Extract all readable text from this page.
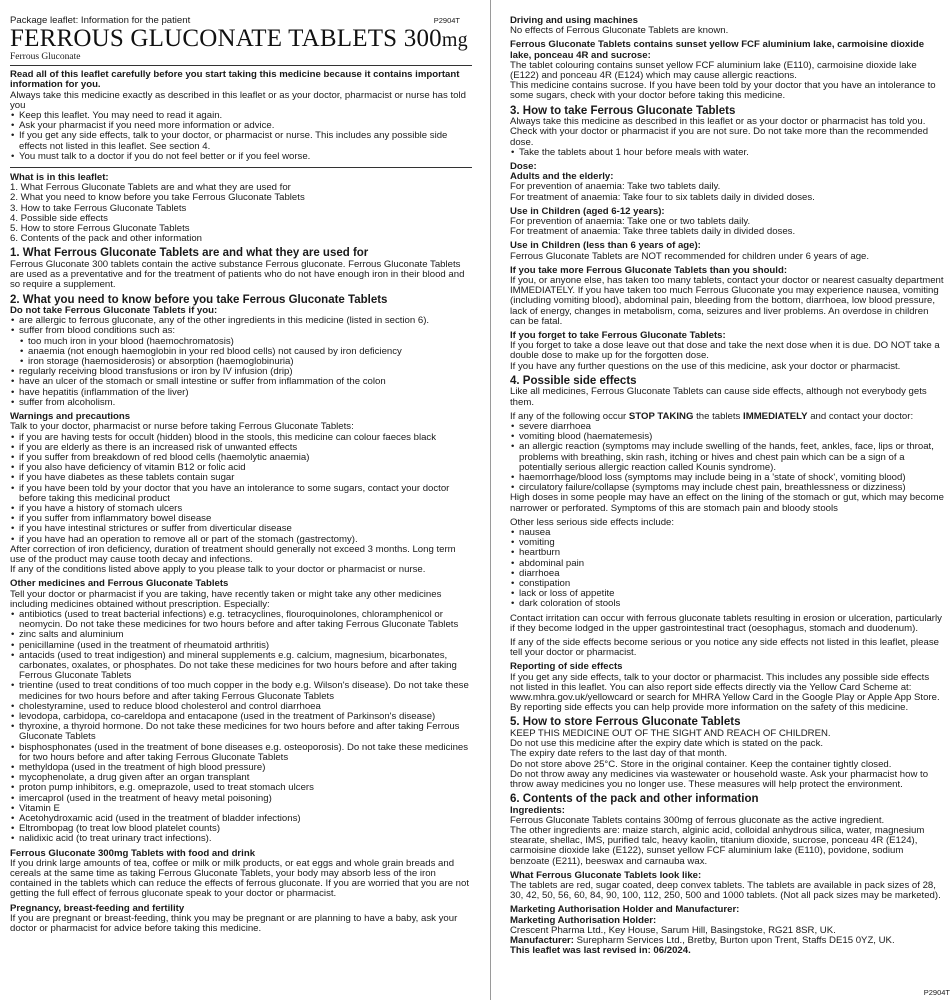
Package leaflet: Information for the patient	P2904T
FERROUS GLUCONATE TABLETS 300mg
Ferrous Gluconate

Read all of this leaflet carefully before you start taking this medicine because it contains important information for you.

Always take this medicine exactly as described in this leaflet or as your doctor, pharmacist or nurse has told you

• Keep this leaflet. You may need to read it again.
• Ask your pharmacist if you need more information or advice.
• If you get any side effects, talk to your doctor, or pharmacist or nurse. This includes any possible side effects not listed in this leaflet. See section 4.
• You must talk to a doctor if you do not feel better or if you feel worse.

What is in this leaflet:

1. What Ferrous Gluconate Tablets are and what they are used for
2. What you need to know before you take Ferrous Gluconate Tablets
3. How to take Ferrous Gluconate Tablets
4. Possible side effects
5. How to store Ferrous Gluconate Tablets
6. Contents of the pack and other information
1. What Ferrous Gluconate Tablets are and what they are used for

Ferrous Gluconate 300 tablets contain the active substance Ferrous gluconate. Ferrous Gluconate Tablets are used as a preventative and for the treatment of patients who do not have enough iron in their blood and so require a supplement.

2. What you need to know before you take Ferrous Gluconate Tablets

Do not take Ferrous Gluconate Tablets if you:

• are allergic to ferrous gluconate, any of the other ingredients in this medicine (listed in section 6).
• suffer from blood conditions such as:
• too much iron in your blood (haemochromatosis)
• anaemia (not enough haemoglobin in your red blood cells) not caused by iron deficiency
• iron storage (haemosiderosis) or absorption (haemoglobinuria)
• regularly receiving blood transfusions or iron by IV infusion (drip)
• have an ulcer of the stomach or small intestine or suffer from inflammation of the colon
• have hepatitis (inflammation of the liver)
• suffer from alcoholism.
Warnings and precautions

Talk to your doctor, pharmacist or nurse before taking Ferrous Gluconate Tablets:

• if you are having tests for occult (hidden) blood in the stools, this medicine can colour faeces black
• if you are elderly as there is an increased risk of unwanted effects
• if you suffer from breakdown of red blood cells (haemolytic anaemia)
• if you also have deficiency of vitamin B12 or folic acid
• if you have diabetes as these tablets contain sugar
• if you have been told by your doctor that you have an intolerance to some sugars, contact your doctor before taking this medicinal product
• if you have a history of stomach ulcers
• if you suffer from inflammatory bowel disease
• if you have intestinal strictures or suffer from diverticular disease
• if you have had an operation to remove all or part of the stomach (gastrectomy).

After correction of iron deficiency, duration of treatment should generally not exceed 3 months. Long term use of the product may cause tooth decay and infections.

If any of the conditions listed above apply to you please talk to your doctor or pharmacist or nurse.

Other medicines and Ferrous Gluconate Tablets

Tell your doctor or pharmacist if you are taking, have recently taken or might take any other medicines including medicines obtained without prescription. Especially:

• antibiotics (used to treat bacterial infections) e.g. tetracyclines, flouroquinolones, chloramphenicol or neomycin. Do not take these medicines for two hours before and after taking Ferrous Gluconate Tablets
• zinc salts and aluminium
• penicillamine (used in the treatment of rheumatoid arthritis)
• antacids (used to treat indigestion) and mineral supplements e.g. calcium, magnesium, bicarbonates, carbonates, oxalates, or phosphates. Do not take these medicines for two hours before and after taking Ferrous Gluconate Tablets
• trientine (used to treat conditions of too much copper in the body e.g. Wilson's disease). Do not take these medicines for two hours before and after taking Ferrous Gluconate Tablets
• cholestyramine, used to reduce blood cholesterol and control diarrhoea
• levodopa, carbidopa, co-careldopa and entacapone (used in the treatment of Parkinson's disease)
• thyroxine, a thyroid hormone. Do not take these medicines for two hours before and after taking Ferrous Gluconate Tablets
• bisphosphonates (used in the treatment of bone diseases e.g. osteoporosis). Do not take these medicines for two hours before and after taking Ferrous Gluconate Tablets
• methyldopa (used in the treatment of high blood pressure)
• mycophenolate, a drug given after an organ transplant
• proton pump inhibitors, e.g. omeprazole, used to treat stomach ulcers
• imercaprol (used in the treatment of heavy metal poisoning)
• Vitamin E
• Acetohydroxamic acid (used in the treatment of bladder infections)
• Eltrombopag (to treat low blood platelet counts)
• nalidixic acid (to treat urinary tract infections).
Ferrous Gluconate 300mg Tablets with food and drink

If you drink large amounts of tea, coffee or milk or milk products, or eat eggs and whole grain breads and cereals at the same time as taking Ferrous Gluconate Tablets, your body may absorb less of the iron contained in the tablets which can reduce the effects of ferrous gluconate. If you are worried that you are not getting the full effect of ferrous gluconate speak to your doctor or pharmacist.

Pregnancy, breast-feeding and fertility

If you are pregnant or breast-feeding, think you may be pregnant or are planning to have a baby, ask your doctor or pharmacist for advice before taking this medicine.

Driving and using machines

No effects of Ferrous Gluconate Tablets are known.

Ferrous Gluconate Tablets contains sunset yellow FCF aluminium lake, carmoisine dioxide lake, ponceau 4R and sucrose:

The tablet colouring contains sunset yellow FCF aluminium lake (E110), carmoisine dioxide lake (E122) and ponceau 4R (E124) which may cause allergic reactions.

This medicine contains sucrose. If you have been told by your doctor that you have an intolerance to some sugars, check with your doctor before taking this medicine.

3. How to take Ferrous Gluconate Tablets

Always take this medicine as described in this leaflet or as your doctor or pharmacist has told you. Check with your doctor or pharmacist if you are not sure. Do not take more than the recommended dose.

• Take the tablets about 1 hour before meals with water.

Dose:

Adults and the elderly:

For prevention of anaemia: Take two tablets daily.
For treatment of anaemia: Take four to six tablets daily in divided doses.

Use in Children (aged 6-12 years):

For prevention of anaemia: Take one or two tablets daily.
For treatment of anaemia: Take three tablets daily in divided doses.

Use in Children (less than 6 years of age):

Ferrous Gluconate Tablets are NOT recommended for children under 6 years of age.

If you take more Ferrous Gluconate Tablets than you should:

If you, or anyone else, has taken too many tablets, contact your doctor or nearest casualty department IMMEDIATELY. If you have taken too much Ferrous Gluconate you may experience nausea, vomiting (including vomiting blood), abdominal pain, bleeding from the bottom, diarrhoea, low blood pressure, lack of energy, changes in metabolism, coma, seizures and liver problems. An overdose in children can be fatal.

If you forget to take Ferrous Gluconate Tablets:

If you forget to take a dose leave out that dose and take the next dose when it is due. DO NOT take a double dose to make up for the forgotten dose.

If you have any further questions on the use of this medicine, ask your doctor or pharmacist.

4. Possible side effects

Like all medicines, Ferrous Gluconate Tablets can cause side effects, although not everybody gets them.

If any of the following occur STOP TAKING the tablets IMMEDIATELY and contact your doctor:

• severe diarrhoea
• vomiting blood (haematemesis)
• an allergic reaction (symptoms may include swelling of the hands, feet, ankles, face, lips or throat, problems with breathing, skin rash, itching or hives and chest pain which can be a sign of a potentially serious allergic reaction called Kounis syndrome).
• haemorrhage/blood loss (symptoms may include being in a 'state of shock', vomiting blood)
• circulatory failure/collapse (symptoms may include chest pain, breathlessness or dizziness)

High doses in some people may have an effect on the lining of the stomach or gut, which may become narrower or perforated. Symptoms of this are stomach pain and bloody stools

Other less serious side effects include:

• nausea
• vomiting
• heartburn
• abdominal pain
• diarrhoea
• constipation
• lack or loss of appetite
• dark coloration of stools

Contact irritation can occur with ferrous gluconate tablets resulting in erosion or ulceration, particularly if they become lodged in the upper gastrointestinal tract (oesophagus, stomach and duodenum).

If any of the side effects become serious or you notice any side effects not listed in this leaflet, please tell your doctor or pharmacist.

Reporting of side effects

If you get any side effects, talk to your doctor or pharmacist. This includes any possible side effects not listed in this leaflet. You can also report side effects directly via the Yellow Card Scheme at: www.mhra.gov.uk/yellowcard or search for MHRA Yellow Card in the Google Play or Apple App Store. By reporting side effects you can help provide more information on the safety of this medicine.

5. How to store Ferrous Gluconate Tablets
KEEP THIS MEDICINE OUT OF THE SIGHT AND REACH OF CHILDREN.
Do not use this medicine after the expiry date which is stated on the pack.
The expiry date refers to the last day of that month.
Do not store above 25°C. Store in the original container. Keep the container tightly closed.
Do not throw away any medicines via wastewater or household waste. Ask your pharmacist how to throw away medicines you no longer use. These measures will help protect the environment.
6. Contents of the pack and other information

Ingredients:

Ferrous Gluconate Tablets contains 300mg of ferrous gluconate as the active ingredient.

The other ingredients are: maize starch, alginic acid, colloidal anhydrous silica, water, magnesium stearate, shellac, IMS, purified talc, heavy kaolin, titanium dioxide, sucrose, ponceau 4R (E124), carmoisine dioxide lake (E122), sunset yellow FCF aluminium lake (E110), povidone, sodium benzoate (E211), beeswax and carnauba wax.

What Ferrous Gluconate Tablets look like:

The tablets are red, sugar coated, deep convex tablets. The tablets are available in pack sizes of 28, 30, 42, 50, 56, 60, 84, 90, 100, 112, 250, 500 and 1000 tablets. (Not all pack sizes may be marketed).

Marketing Authorisation Holder and Manufacturer:

Marketing Authorisation Holder:

Crescent Pharma Ltd., Key House, Sarum Hill, Basingstoke, RG21 8SR, UK.

Manufacturer: Surepharm Services Ltd., Bretby, Burton upon Trent, Staffs DE15 0YZ, UK.

This leaflet was last revised in: 06/2024.

P2904T
